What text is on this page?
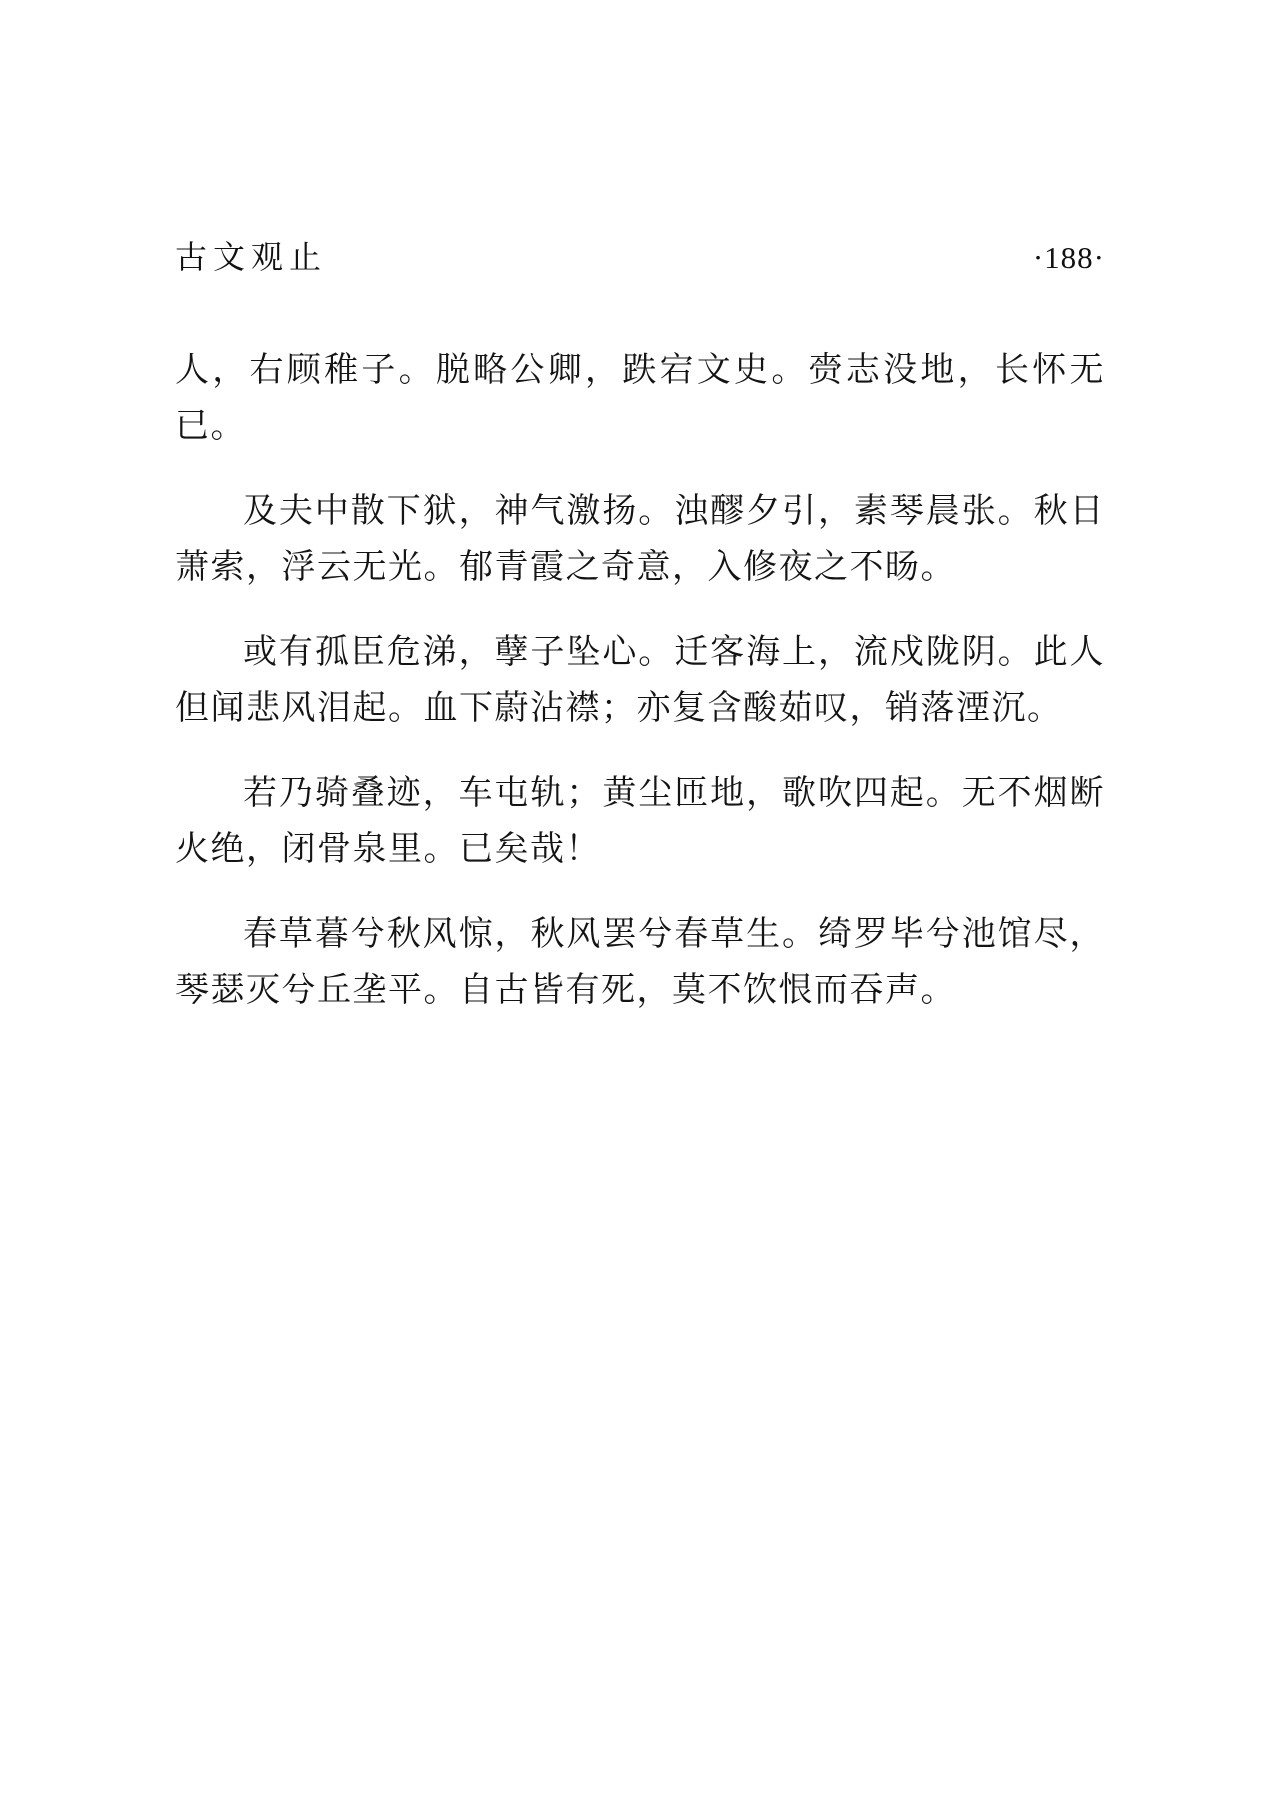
古文观止	·188·

人，右顾稚子。脱略公卿，跌宕文史。赍志没地，长怀无已。

及夫中散下狱，神气激扬。浊醪夕引，素琴晨张。秋日萧索，浮云无光。郁青霞之奇意，入修夜之不旸。

或有孤臣危涕，孽子坠心。迁客海上，流戍陇阴。此人但闻悲风泪起。血下蔚沾襟；亦复含酸茹叹，销落湮沉。

若乃骑叠迹，车屯轨；黄尘匝地，歌吹四起。无不烟断火绝，闭骨泉里。已矣哉！

春草暮兮秋风惊，秋风罢兮春草生。绮罗毕兮池馆尽，琴瑟灭兮丘垄平。自古皆有死，莫不饮恨而吞声。
